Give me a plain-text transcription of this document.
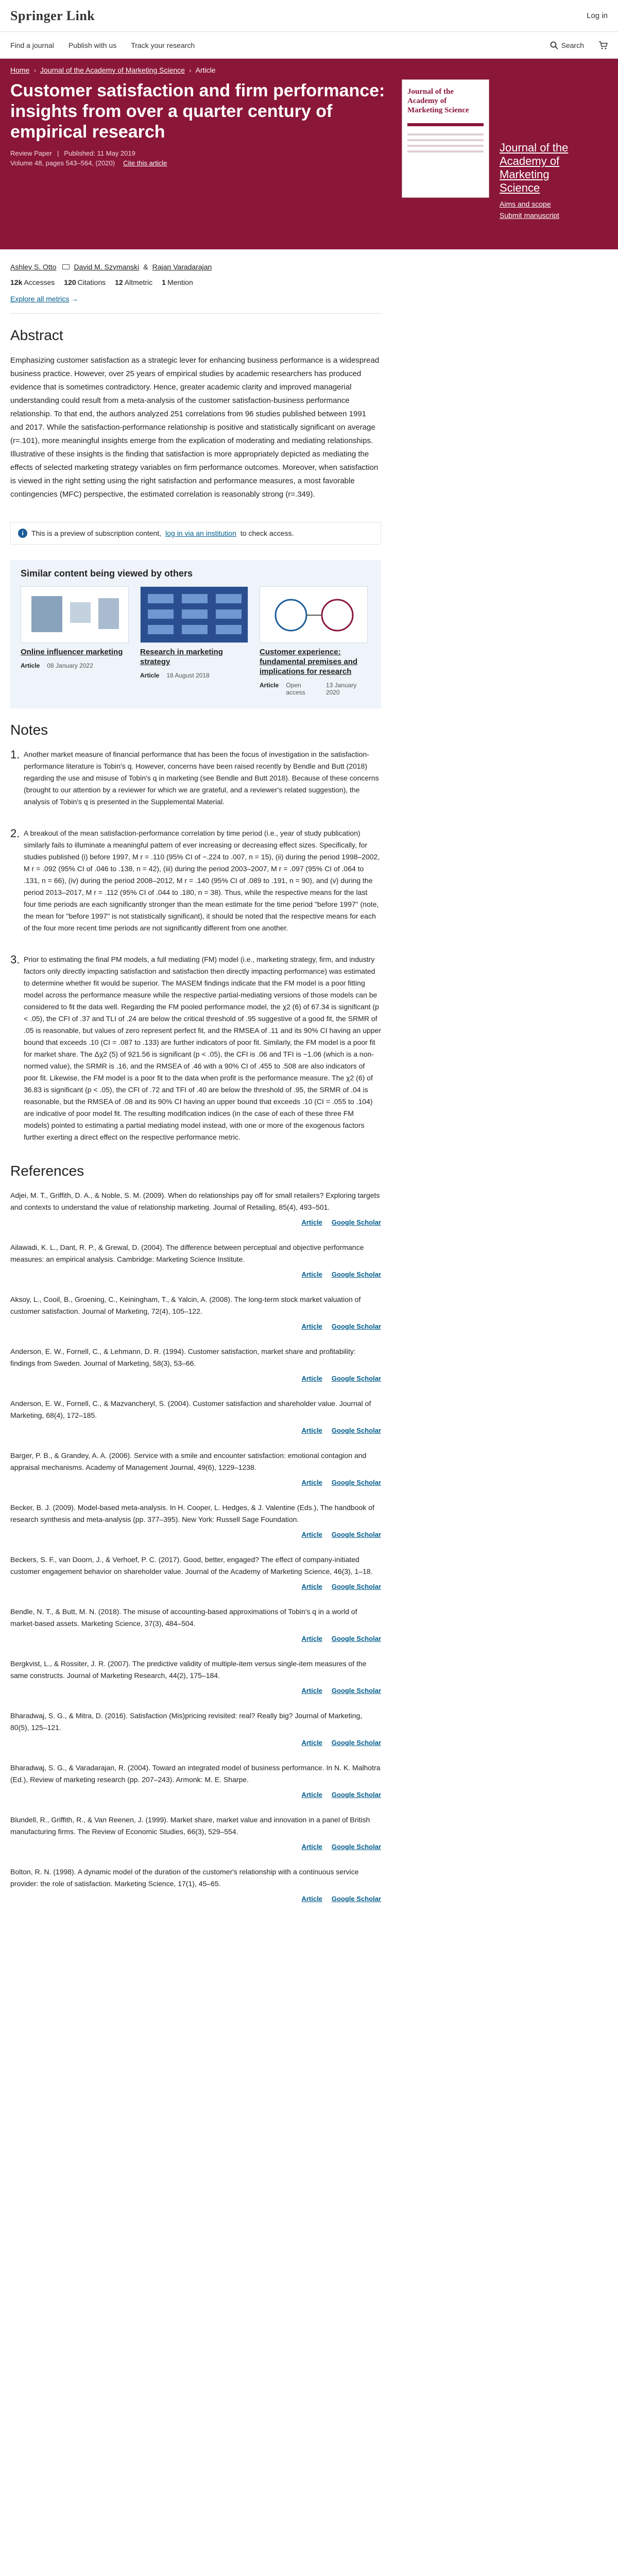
Springer Link	Log in
Find a journal Publish with us Track your research	Search
Home › Journal of the Academy of Marketing Science › Article
Customer satisfaction and firm performance: insights from over a quarter century of empirical research
Review Paper | Published: 11 May 2019
Volume 48, pages 543–564, (2020) Cite this article
Journal of the Academy of Marketing Science
Journal of the Academy of Marketing Science
Aims and scope
Submit manuscript
Ashley S. Otto David M. Szymanski & Rajan Varadarajan
12k Accesses 120 Citations 12 Altmetric 1 Mention
Explore all metrics →
Abstract

Emphasizing customer satisfaction as a strategic lever for enhancing business performance is a widespread business practice. However, over 25 years of empirical studies by academic researchers has produced evidence that is sometimes contradictory. Hence, greater academic clarity and improved managerial understanding could result from a meta-analysis of the customer satisfaction-business performance relationship. To that end, the authors analyzed 251 correlations from 96 studies published between 1991 and 2017. While the satisfaction-performance relationship is positive and statistically significant on average (r=.101), more meaningful insights emerge from the explication of moderating and mediating relationships. Illustrative of these insights is the finding that satisfaction is more appropriately depicted as mediating the effects of selected marketing strategy variables on firm performance outcomes. Moreover, when satisfaction is viewed in the right setting using the right satisfaction and performance measures, a most favorable contingencies (MFC) perspective, the estimated correlation is reasonably strong (r=.349).

i	This is a preview of subscription content, log in via an institution to check access.
Similar content being viewed by others
Online influencer marketing
Article 08 January 2022
Research in marketing strategy
Article 18 August 2018
Customer experience: fundamental premises and implications for research
Article Open access
13 January 2020
Notes
1. Another market measure of financial performance that has been the focus of investigation in the satisfaction-performance literature is Tobin's q. However, concerns have been raised recently by Bendle and Butt (2018) regarding the use and misuse of Tobin's q in marketing (see Bendle and Butt 2018). Because of these concerns (brought to our attention by a reviewer for which we are grateful, and a reviewer's related suggestion), the analysis of Tobin's q is presented in the Supplemental Material.

2. A breakout of the mean satisfaction-performance correlation by time period (i.e., year of study publication) similarly fails to illuminate a meaningful pattern of ever increasing or decreasing effect sizes. Specifically, for studies published (i) before 1997, M r = .110 (95% CI of −.224 to .007, n = 15), (ii) during the period 1998–2002, M r = .092 (95% CI of .046 to .138, n = 42), (iii) during the period 2003–2007, M r = .097 (95% CI of .064 to .131, n = 66), (iv) during the period 2008–2012, M r = .140 (95% CI of .089 to .191, n = 90), and (v) during the period 2013–2017, M r = .112 (95% CI of .044 to .180, n = 38). Thus, while the respective means for the last four time periods are each significantly stronger than the mean estimate for the time period "before 1997" (note, the mean for "before 1997" is not statistically significant), it should be noted that the respective means for each of the four more recent time periods are not significantly different from one another.

3. Prior to estimating the final PM models, a full mediating (FM) model (i.e., marketing strategy, firm, and industry factors only directly impacting satisfaction and satisfaction then directly impacting performance) was estimated to determine whether fit would be superior. The MASEM findings indicate that the FM model is a poor fitting model across the performance measure while the respective partial-mediating versions of those models can be considered to fit the data well. Regarding the FM pooled performance model, the χ2 (6) of 67.34 is significant (p < .05), the CFI of .37 and TLI of .24 are below the critical threshold of .95 suggestive of a good fit, the SRMR of .05 is reasonable, but values of zero represent perfect fit, and the RMSEA of .11 and its 90% CI having an upper bound that exceeds .10 (CI = .087 to .133) are further indicators of poor fit. Similarly, the FM model is a poor fit for market share. The Δχ2 (5) of 921.56 is significant (p < .05), the CFI is .06 and TFI is −1.06 (which is a non-normed value), the SRMR is .16, and the RMSEA of .46 with a 90% CI of .455 to .508 are also indicators of poor fit. Likewise, the FM model is a poor fit to the data when profit is the performance measure. The χ2 (6) of 36.83 is significant (p < .05), the CFI of .72 and TFI of .40 are below the threshold of .95, the SRMR of .04 is reasonable, but the RMSEA of .08 and its 90% CI having an upper bound that exceeds .10 (CI = .055 to .104) are indicative of poor model fit. The resulting modification indices (in the case of each of these three FM models) pointed to estimating a partial mediating model instead, with one or more of the exogenous factors further exerting a direct effect on the respective performance metric.

References

Adjei, M. T., Griffith, D. A., & Noble, S. M. (2009). When do relationships pay off for small retailers? Exploring targets and contexts to understand the value of relationship marketing. Journal of Retailing, 85(4), 493–501.

Article Google Scholar

Ailawadi, K. L., Dant, R. P., & Grewal, D. (2004). The difference between perceptual and objective performance measures: an empirical analysis. Cambridge: Marketing Science Institute.

Article Google Scholar

Aksoy, L., Cooil, B., Groening, C., Keiningham, T., & Yalcin, A. (2008). The long-term stock market valuation of customer satisfaction. Journal of Marketing, 72(4), 105–122.

Article Google Scholar

Anderson, E. W., Fornell, C., & Lehmann, D. R. (1994). Customer satisfaction, market share and profitability: findings from Sweden. Journal of Marketing, 58(3), 53–66.

Article Google Scholar

Anderson, E. W., Fornell, C., & Mazvancheryl, S. (2004). Customer satisfaction and shareholder value. Journal of Marketing, 68(4), 172–185.

Article Google Scholar

Barger, P. B., & Grandey, A. A. (2006). Service with a smile and encounter satisfaction: emotional contagion and appraisal mechanisms. Academy of Management Journal, 49(6), 1229–1238.

Article Google Scholar

Becker, B. J. (2009). Model-based meta-analysis. In H. Cooper, L. Hedges, & J. Valentine (Eds.), The handbook of research synthesis and meta-analysis (pp. 377–395). New York: Russell Sage Foundation.

Article Google Scholar

Beckers, S. F., van Doorn, J., & Verhoef, P. C. (2017). Good, better, engaged? The effect of company-initiated customer engagement behavior on shareholder value. Journal of the Academy of Marketing Science, 46(3), 1–18.

Article Google Scholar

Bendle, N. T., & Butt, M. N. (2018). The misuse of accounting-based approximations of Tobin's q in a world of market-based assets. Marketing Science, 37(3), 484–504.

Article Google Scholar

Bergkvist, L., & Rossiter, J. R. (2007). The predictive validity of multiple-item versus single-item measures of the same constructs. Journal of Marketing Research, 44(2), 175–184.

Article Google Scholar

Bharadwaj, S. G., & Mitra, D. (2016). Satisfaction (Mis)pricing revisited: real? Really big? Journal of Marketing, 80(5), 125–121.

Article Google Scholar

Bharadwaj, S. G., & Varadarajan, R. (2004). Toward an integrated model of business performance. In N. K. Malhotra (Ed.), Review of marketing research (pp. 207–243). Armonk: M. E. Sharpe.

Article Google Scholar

Blundell, R., Griffith, R., & Van Reenen, J. (1999). Market share, market value and innovation in a panel of British manufacturing firms. The Review of Economic Studies, 66(3), 529–554.

Article Google Scholar

Bolton, R. N. (1998). A dynamic model of the duration of the customer's relationship with a continuous service provider: the role of satisfaction. Marketing Science, 17(1), 45–65.

Article Google Scholar
